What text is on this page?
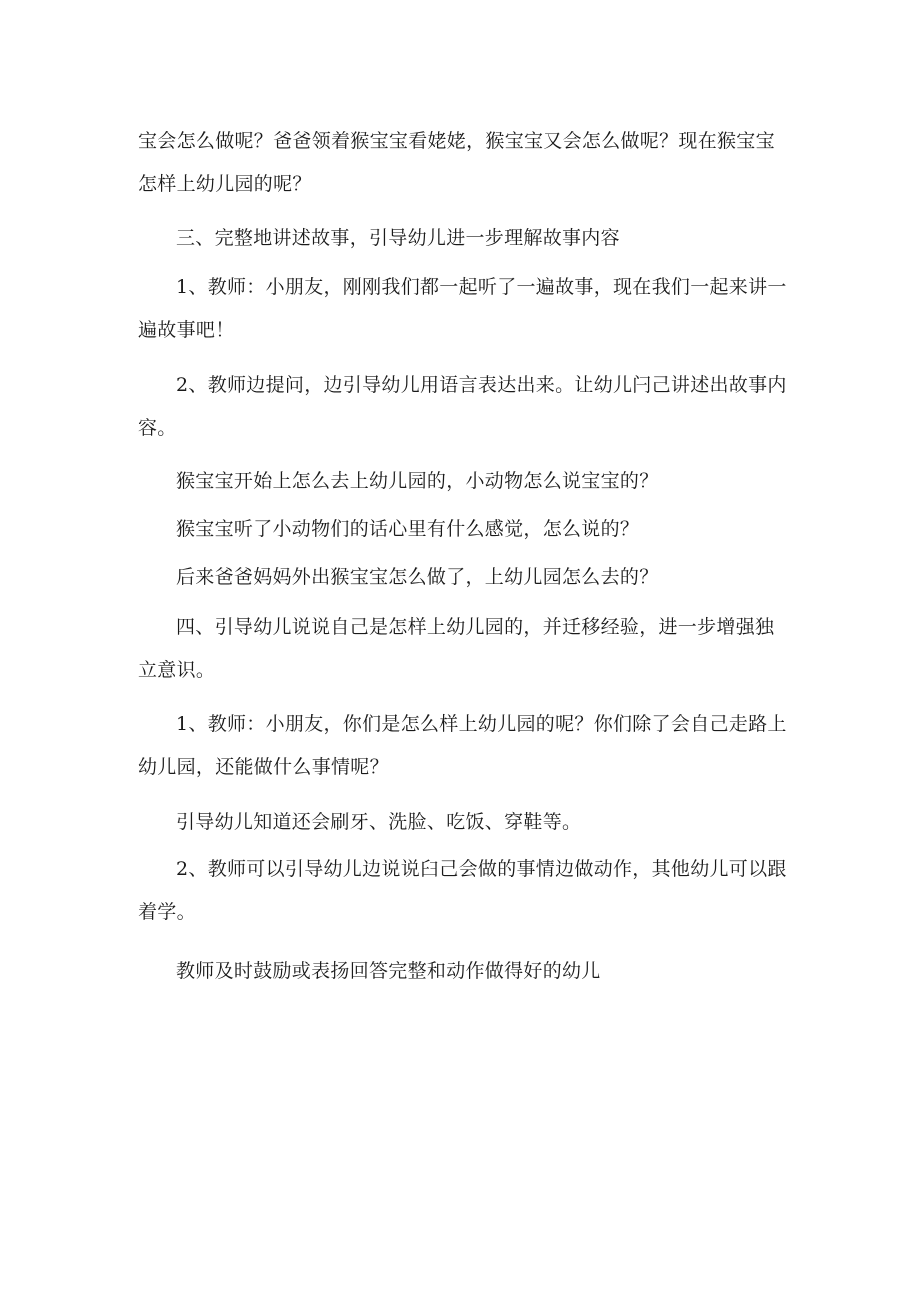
宝会怎么做呢？爸爸领着猴宝宝看姥姥，猴宝宝又会怎么做呢？现在猴宝宝怎样上幼儿园的呢？

三、完整地讲述故事，引导幼儿进一步理解故事内容

1、教师：小朋友，刚刚我们都一起听了一遍故事，现在我们一起来讲一遍故事吧！

2、教师边提问，边引导幼儿用语言表达出来。让幼儿闩己讲述出故事内容。

猴宝宝开始上怎么去上幼儿园的，小动物怎么说宝宝的？

猴宝宝听了小动物们的话心里有什么感觉，怎么说的？

后来爸爸妈妈外出猴宝宝怎么做了，上幼儿园怎么去的？

四、引导幼儿说说自己是怎样上幼儿园的，并迁移经验，进一步增强独立意识。

1、教师：小朋友，你们是怎么样上幼儿园的呢？你们除了会自己走路上幼儿园，还能做什么事情呢？

引导幼儿知道还会刷牙、洗脸、吃饭、穿鞋等。

2、教师可以引导幼儿边说说臼己会做的事情边做动作，其他幼儿可以跟着学。

教师及时鼓励或表扬回答完整和动作做得好的幼儿
